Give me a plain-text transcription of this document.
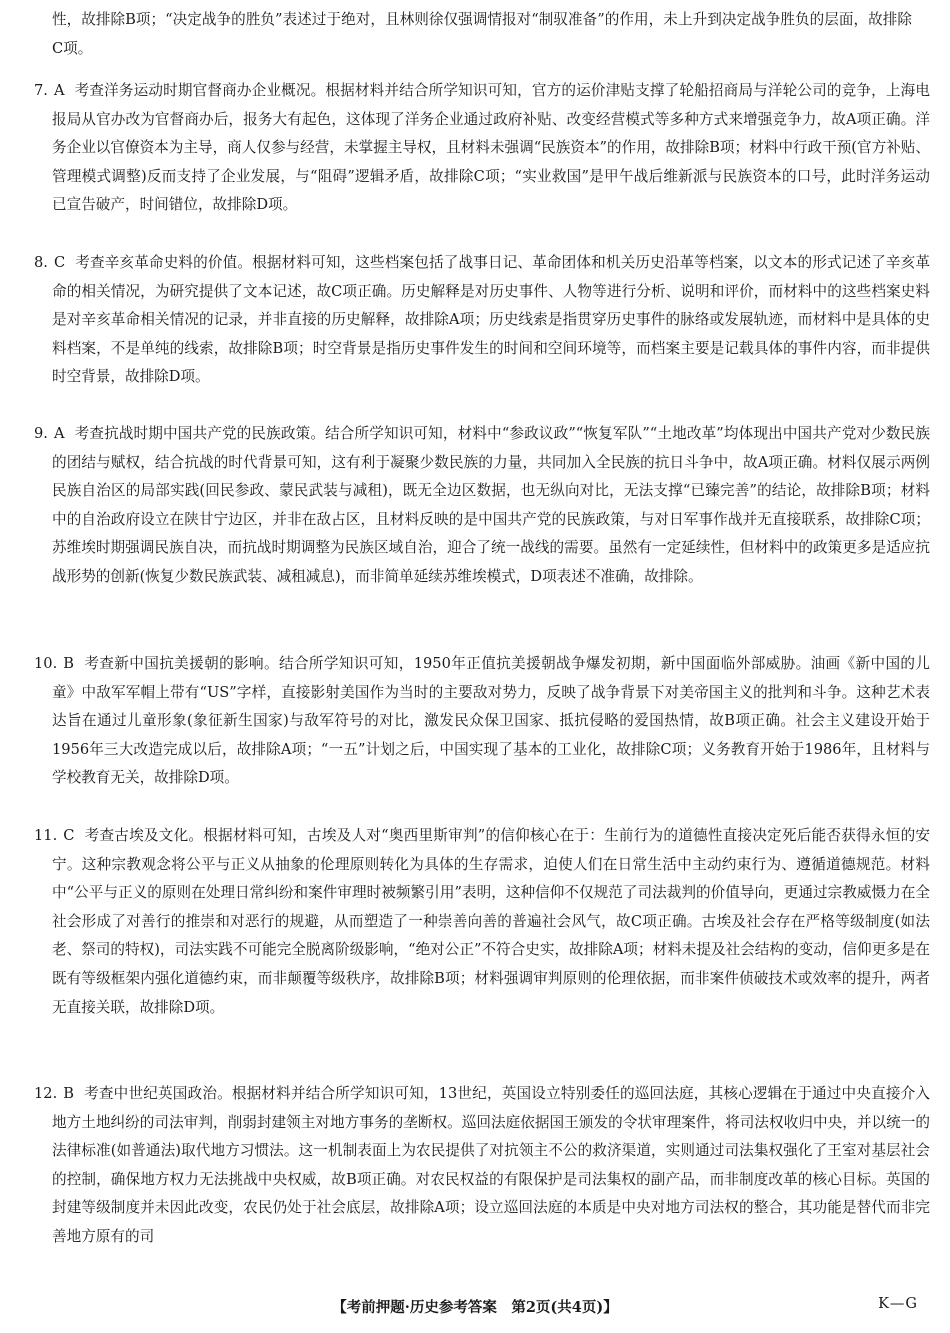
性，故排除B项；“决定战争的胜负”表述过于绝对，且林则徐仅强调情报对“制驭准备”的作用，未上升到决定战争胜负的层面，故排除C项。

7. A 考查洋务运动时期官督商办企业概况。根据材料并结合所学知识可知，官方的运价津贴支撑了轮船招商局与洋轮公司的竞争，上海电报局从官办改为官督商办后，报务大有起色，这体现了洋务企业通过政府补贴、改变经营模式等多种方式来增强竞争力，故A项正确。洋务企业以官僚资本为主导，商人仅参与经营，未掌握主导权，且材料未强调“民族资本”的作用，故排除B项；材料中行政干预(官方补贴、管理模式调整)反而支持了企业发展，与“阻碍”逻辑矛盾，故排除C项；“实业救国”是甲午战后维新派与民族资本的口号，此时洋务运动已宣告破产，时间错位，故排除D项。

8. C 考查辛亥革命史料的价值。根据材料可知，这些档案包括了战事日记、革命团体和机关历史沿革等档案，以文本的形式记述了辛亥革命的相关情况，为研究提供了文本记述，故C项正确。历史解释是对历史事件、人物等进行分析、说明和评价，而材料中的这些档案史料是对辛亥革命相关情况的记录，并非直接的历史解释，故排除A项；历史线索是指贯穿历史事件的脉络或发展轨迹，而材料中是具体的史料档案，不是单纯的线索，故排除B项；时空背景是指历史事件发生的时间和空间环境等，而档案主要是记载具体的事件内容，而非提供时空背景，故排除D项。

9. A 考查抗战时期中国共产党的民族政策。结合所学知识可知，材料中“参政议政”“恢复军队”“土地改革”均体现出中国共产党对少数民族的团结与赋权，结合抗战的时代背景可知，这有利于凝聚少数民族的力量，共同加入全民族的抗日斗争中，故A项正确。材料仅展示两例民族自治区的局部实践(回民参政、蒙民武装与减租)，既无全边区数据，也无纵向对比，无法支撑“已臻完善”的结论，故排除B项；材料中的自治政府设立在陕甘宁边区，并非在敌占区，且材料反映的是中国共产党的民族政策，与对日军事作战并无直接联系，故排除C项；苏维埃时期强调民族自决，而抗战时期调整为民族区域自治，迎合了统一战线的需要。虽然有一定延续性，但材料中的政策更多是适应抗战形势的创新(恢复少数民族武装、减租减息)，而非简单延续苏维埃模式，D项表述不准确，故排除。

10. B 考查新中国抗美援朝的影响。结合所学知识可知，1950年正值抗美援朝战争爆发初期，新中国面临外部威胁。油画《新中国的儿童》中敌军军帽上带有“US”字样，直接影射美国作为当时的主要敌对势力，反映了战争背景下对美帝国主义的批判和斗争。这种艺术表达旨在通过儿童形象(象征新生国家)与敌军符号的对比，激发民众保卫国家、抵抗侵略的爱国热情，故B项正确。社会主义建设开始于1956年三大改造完成以后，故排除A项；“一五”计划之后，中国实现了基本的工业化，故排除C项；义务教育开始于1986年，且材料与学校教育无关，故排除D项。

11. C 考查古埃及文化。根据材料可知，古埃及人对“奥西里斯审判”的信仰核心在于：生前行为的道德性直接决定死后能否获得永恒的安宁。这种宗教观念将公平与正义从抽象的伦理原则转化为具体的生存需求，迫使人们在日常生活中主动约束行为、遵循道德规范。材料中“公平与正义的原则在处理日常纠纷和案件审理时被频繁引用”表明，这种信仰不仅规范了司法裁判的价值导向，更通过宗教威慑力在全社会形成了对善行的推崇和对恶行的规避，从而塑造了一种崇善向善的普遍社会风气，故C项正确。古埃及社会存在严格等级制度(如法老、祭司的特权)，司法实践不可能完全脱离阶级影响，“绝对公正”不符合史实，故排除A项；材料未提及社会结构的变动，信仰更多是在既有等级框架内强化道德约束，而非颠覆等级秩序，故排除B项；材料强调审判原则的伦理依据，而非案件侦破技术或效率的提升，两者无直接关联，故排除D项。

12. B 考查中世纪英国政治。根据材料并结合所学知识可知，13世纪，英国设立特别委任的巡回法庭，其核心逻辑在于通过中央直接介入地方土地纠纷的司法审判，削弱封建领主对地方事务的垄断权。巡回法庭依据国王颁发的令状审理案件，将司法权收归中央，并以统一的法律标准(如普通法)取代地方习惯法。这一机制表面上为农民提供了对抗领主不公的救济渠道，实则通过司法集权强化了王室对基层社会的控制，确保地方权力无法挑战中央权威，故B项正确。对农民权益的有限保护是司法集权的副产品，而非制度改革的核心目标。英国的封建等级制度并未因此改变，农民仍处于社会底层，故排除A项；设立巡回法庭的本质是中央对地方司法权的整合，其功能是替代而非完善地方原有的司

【考前押题·历史参考答案　第2页(共4页)】	K—G
